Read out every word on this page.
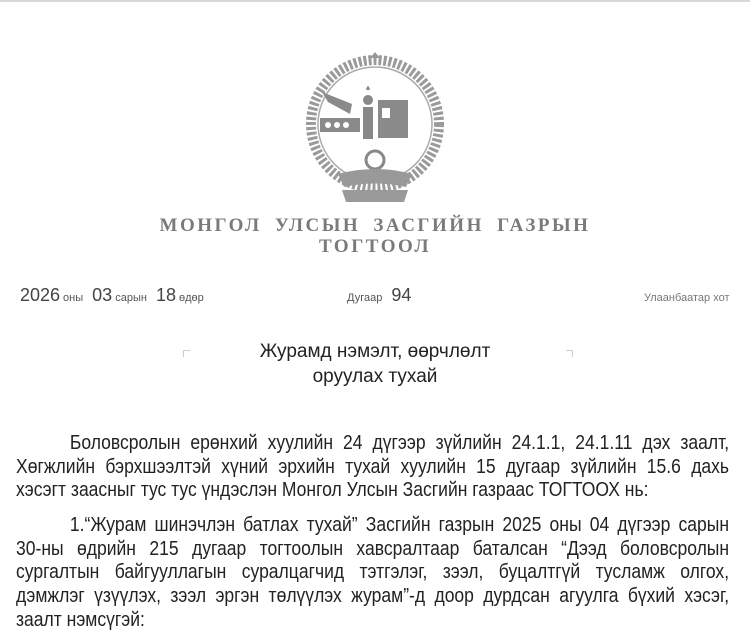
МОНГОЛ УЛСЫН ЗАСГИЙН ГАЗРЫН
ТОГТООЛ
2026 оны 03 сарын 18 өдөр	Дугаар 94	Улаанбаатар хот
Журамд нэмэлт, өөрчлөлт
оруулах тухай
Боловсролын ерөнхий хуулийн 24 дүгээр зүйлийн 24.1.1, 24.1.11 дэх заалт,
Хөгжлийн бэрхшээлтэй хүний эрхийн тухай хуулийн 15 дугаар зүйлийн 15.6 дахь
хэсэгт заасныг тус тус үндэслэн Монгол Улсын Засгийн газраас ТОГТООХ нь:
1.“Журам шинэчлэн батлах тухай” Засгийн газрын 2025 оны 04 дүгээр сарын
30-ны өдрийн 215 дугаар тогтоолын хавсралтаар баталсан “Дээд боловсролын
сургалтын байгууллагын суралцагчид тэтгэлэг, зээл, буцалтгүй тусламж олгох,
дэмжлэг үзүүлэх, зээл эргэн төлүүлэх журам”-д доор дурдсан агуулга бүхий хэсэг,
заалт нэмсүгэй:
